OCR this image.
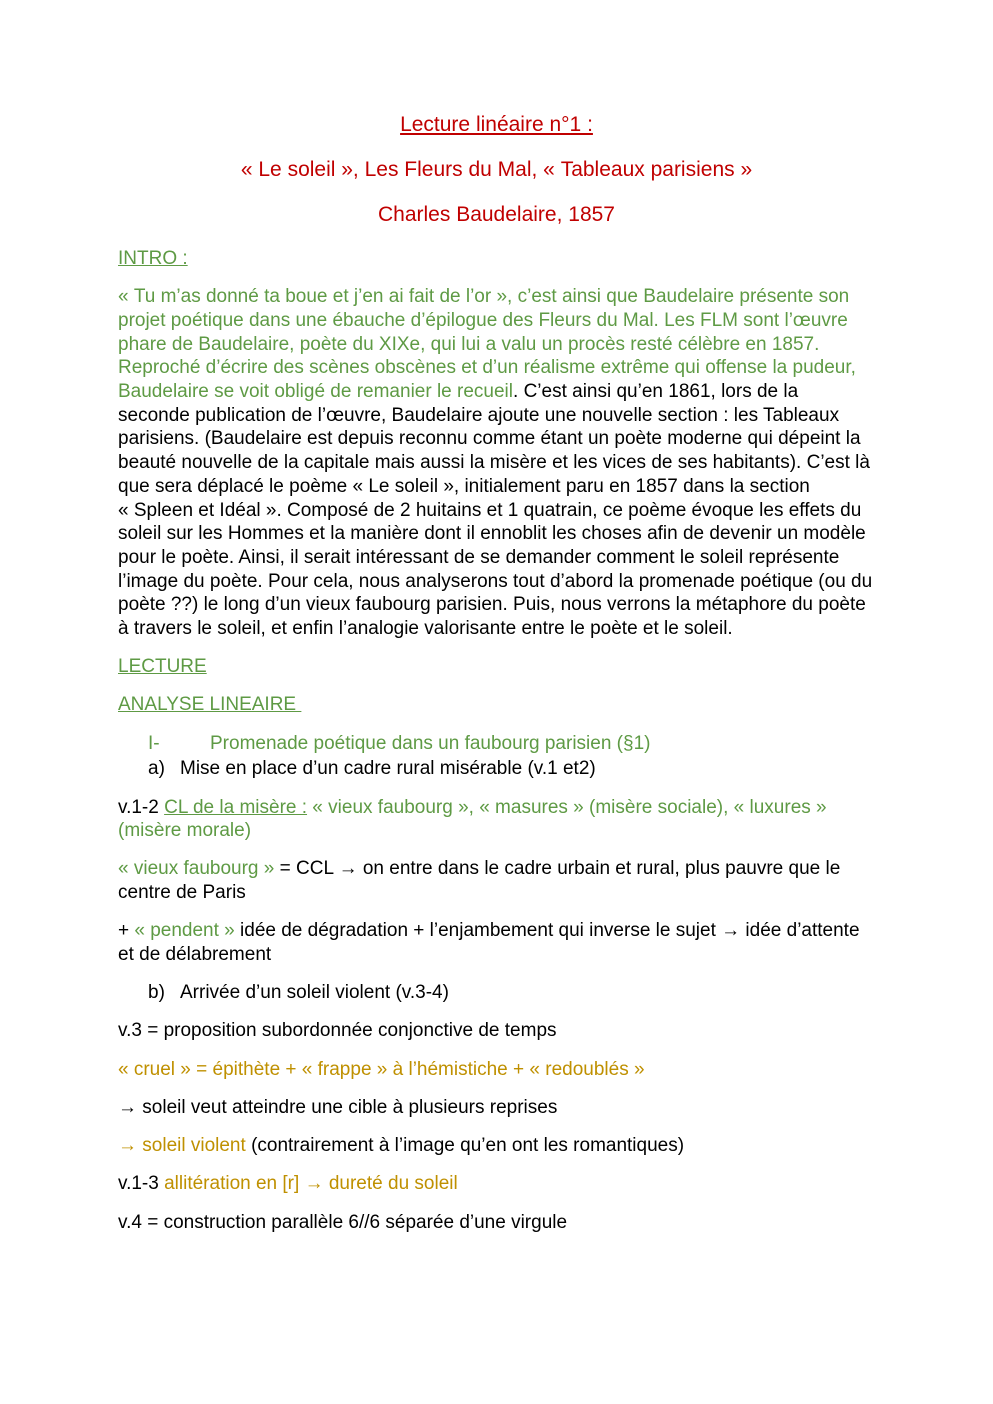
Lecture linéaire n°1 :

« Le soleil », Les Fleurs du Mal, « Tableaux parisiens »

Charles Baudelaire, 1857

INTRO :

« Tu m’as donné ta boue et j’en ai fait de l’or », c’est ainsi que Baudelaire présente son projet poétique dans une ébauche d’épilogue des Fleurs du Mal. Les FLM sont l’œuvre phare de Baudelaire, poète du XIXe, qui lui a valu un procès resté célèbre en 1857. Reproché d’écrire des scènes obscènes et d’un réalisme extrême qui offense la pudeur, Baudelaire se voit obligé de remanier le recueil. C’est ainsi qu’en 1861, lors de la seconde publication de l’œuvre, Baudelaire ajoute une nouvelle section : les Tableaux parisiens. (Baudelaire est depuis reconnu comme étant un poète moderne qui dépeint la beauté nouvelle de la capitale mais aussi la misère et les vices de ses habitants). C’est là que sera déplacé le poème « Le soleil », initialement paru en 1857 dans la section « Spleen et Idéal ». Composé de 2 huitains et 1 quatrain, ce poème évoque les effets du soleil sur les Hommes et la manière dont il ennoblit les choses afin de devenir un modèle pour le poète. Ainsi, il serait intéressant de se demander comment le soleil représente l’image du poète. Pour cela, nous analyserons tout d’abord la promenade poétique (ou du poète ??) le long d’un vieux faubourg parisien. Puis, nous verrons la métaphore du poète à travers le soleil, et enfin l’analogie valorisante entre le poète et le soleil.

LECTURE

ANALYSE LINEAIRE

I-	Promenade poétique dans un faubourg parisien (§1)

a) Mise en place d’un cadre rural misérable (v.1 et2)

v.1-2 CL de la misère : « vieux faubourg », « masures » (misère sociale), « luxures » (misère morale)

« vieux faubourg » = CCL → on entre dans le cadre urbain et rural, plus pauvre que le centre de Paris

+ « pendent » idée de dégradation + l’enjambement qui inverse le sujet → idée d’attente et de délabrement

b) Arrivée d’un soleil violent (v.3-4)

v.3 = proposition subordonnée conjonctive de temps

« cruel » = épithète + « frappe » à l’hémistiche + « redoublés »

→ soleil veut atteindre une cible à plusieurs reprises

→ soleil violent (contrairement à l’image qu’en ont les romantiques)

v.1-3 allitération en [r] → dureté du soleil

v.4 = construction parallèle 6//6 séparée d’une virgule
